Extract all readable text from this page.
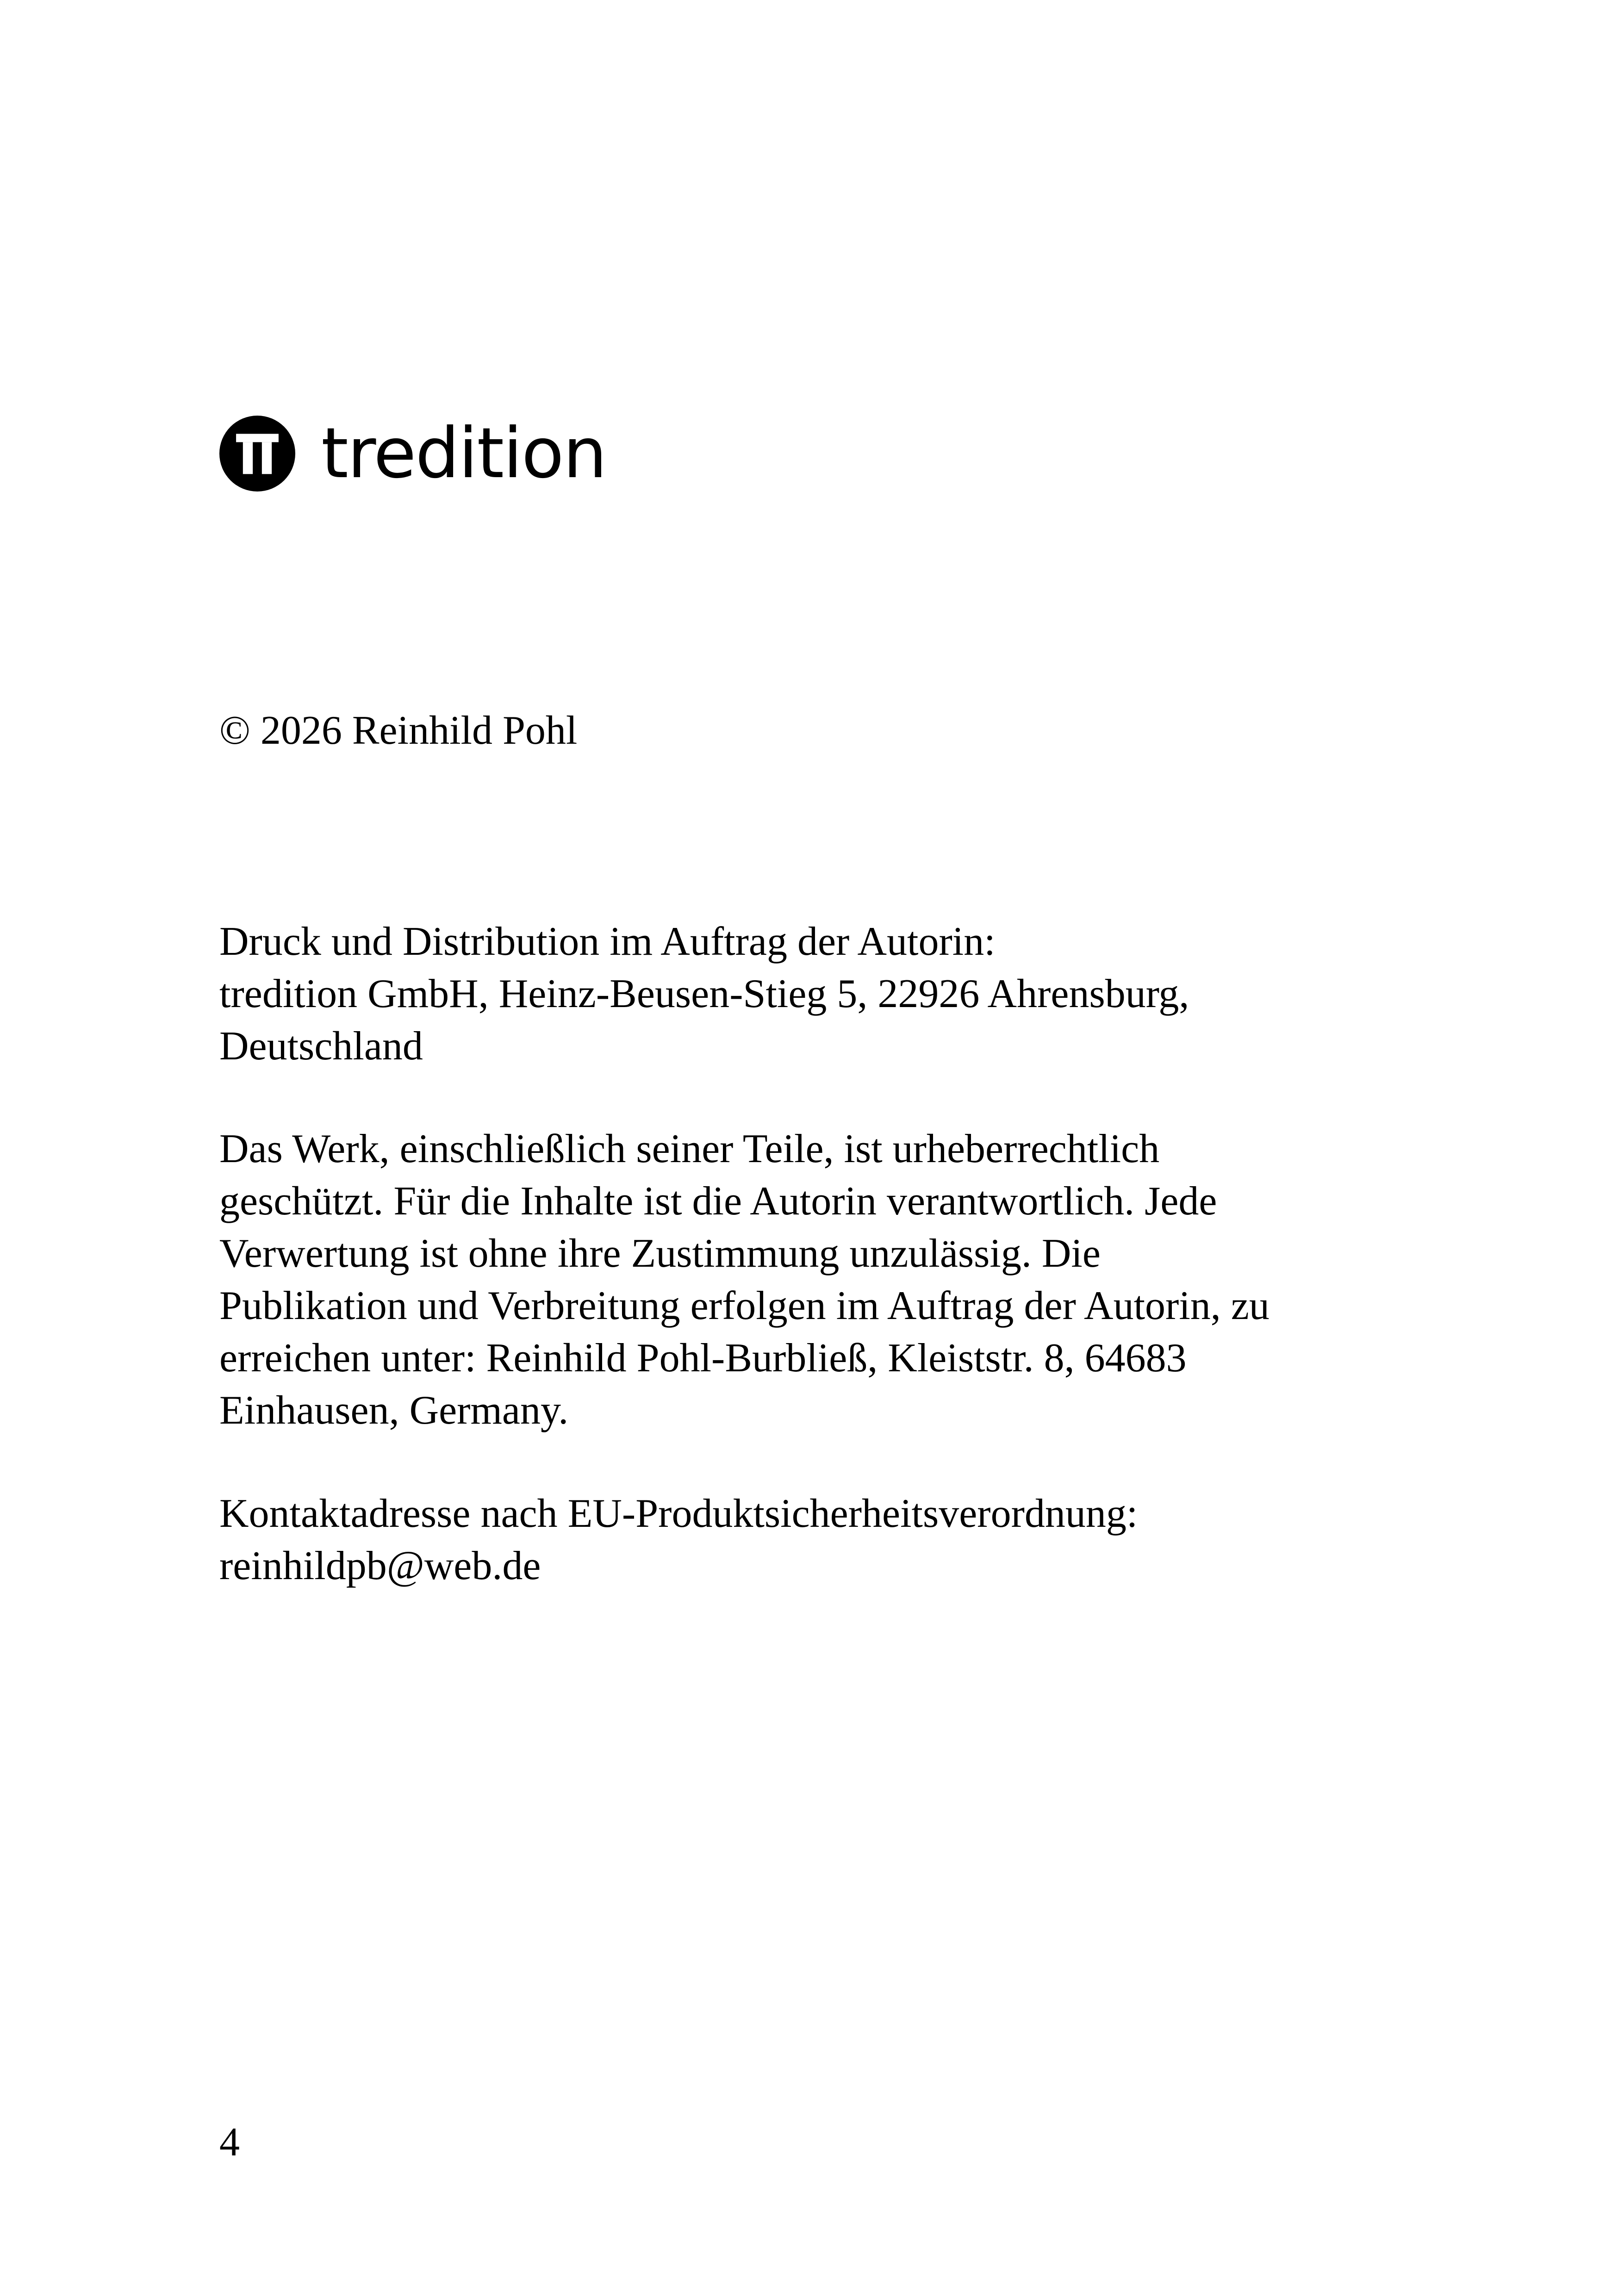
tredition
© 2026 Reinhild Pohl
Druck und Distribution im Auftrag der Autorin:
tredition GmbH, Heinz-Beusen-Stieg 5, 22926 Ahrensburg,
Deutschland
Das Werk, einschließlich seiner Teile, ist urheberrechtlich
geschützt. Für die Inhalte ist die Autorin verantwortlich. Jede
Verwertung ist ohne ihre Zustimmung unzulässig. Die
Publikation und Verbreitung erfolgen im Auftrag der Autorin, zu
erreichen unter: Reinhild Pohl-Burbließ, Kleiststr. 8, 64683
Einhausen, Germany.
Kontaktadresse nach EU-Produktsicherheitsverordnung:
reinhildpb@web.de
4
